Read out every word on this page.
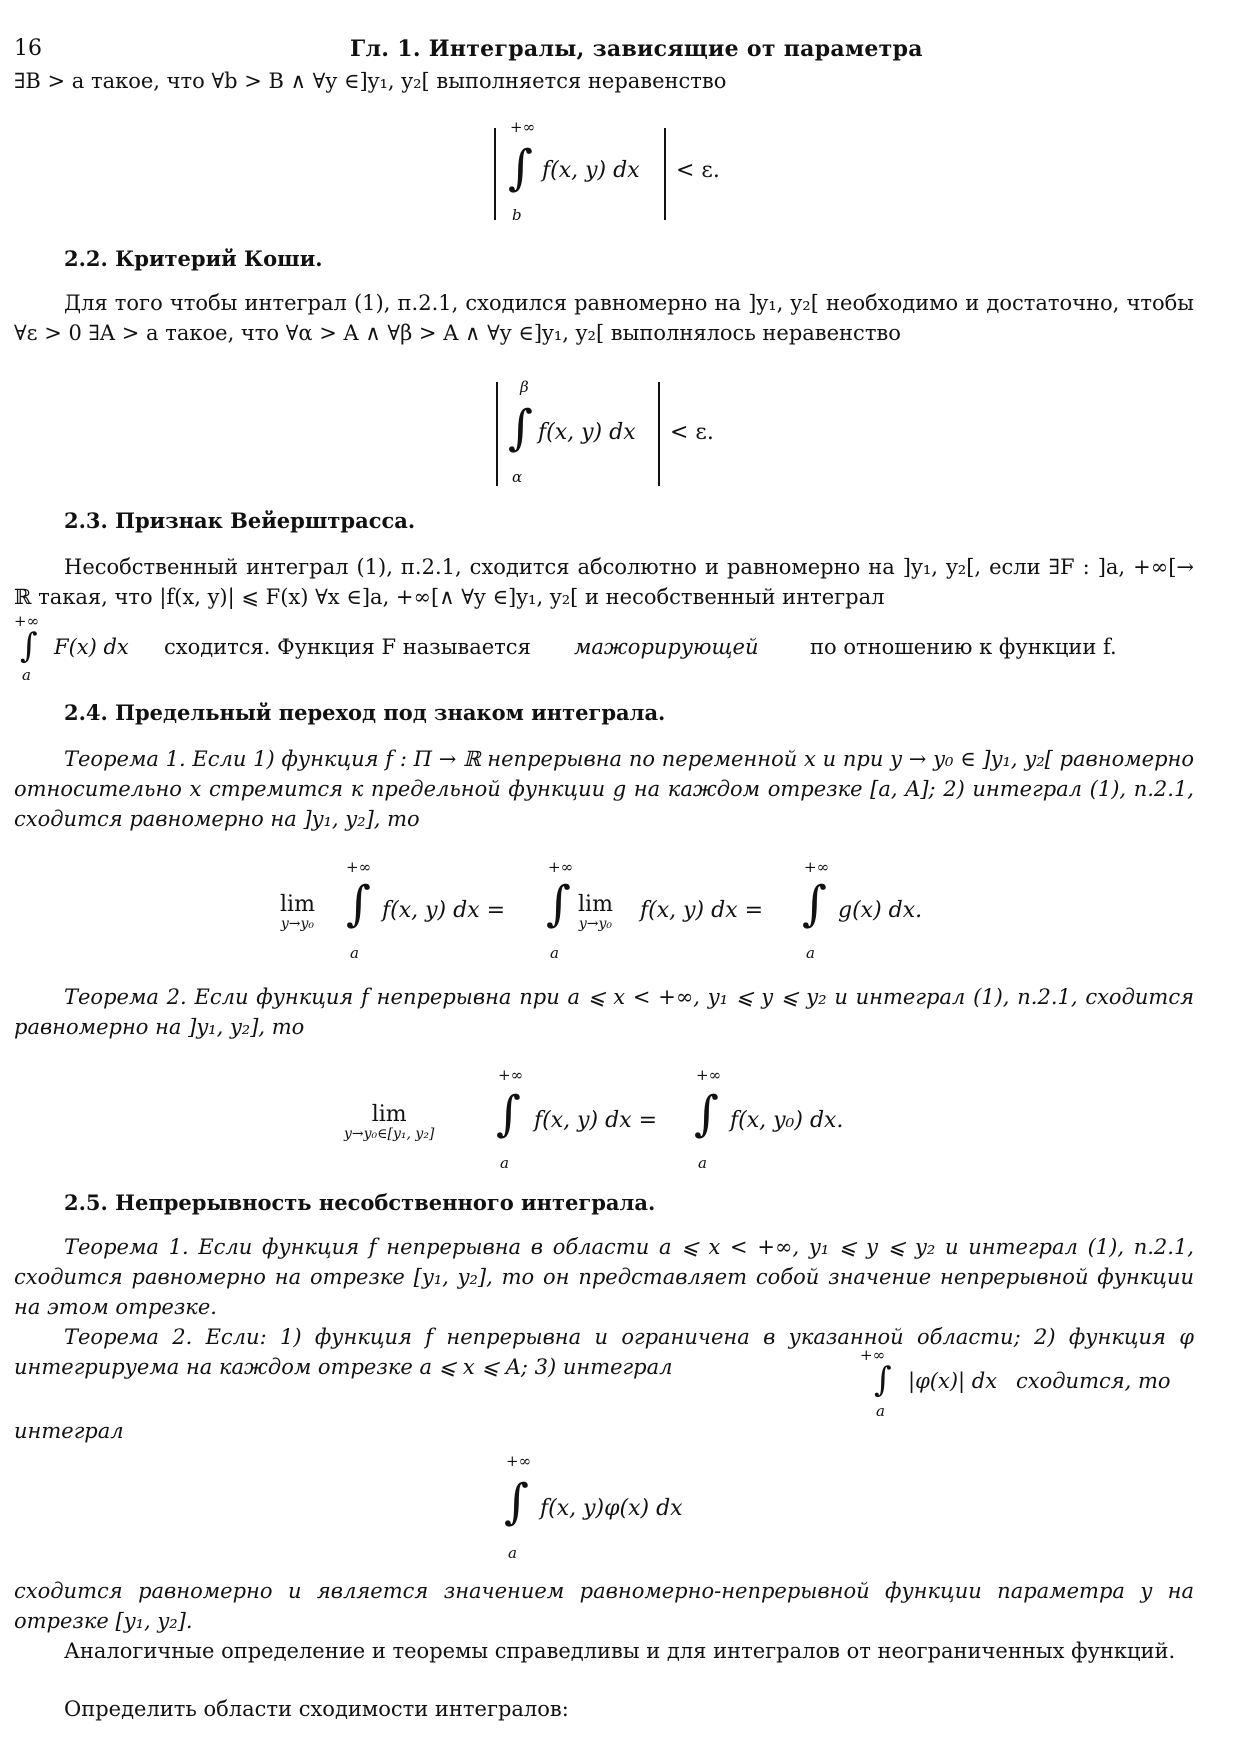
16	Гл. 1. Интегралы, зависящие от параметра
∃B > a такое, что ∀b > B ∧ ∀y ∈]y₁, y₂[ выполняется неравенство
+∞
∫
b
f(x, y) dx < ε.
2.2. Критерий Коши.
Для того чтобы интеграл (1), п.2.1, сходился равномерно на ]y₁, y₂[ необходимо и достаточно, чтобы ∀ε > 0 ∃A > a такое, что ∀α > A ∧ ∀β > A ∧ ∀y ∈]y₁, y₂[ выполнялось неравенство
β
∫
α
f(x, y) dx < ε.
2.3. Признак Вейерштрасса.
Несобственный интеграл (1), п.2.1, сходится абсолютно и равномерно на ]y₁, y₂[, если ∃F : ]a, +∞[→ ℝ такая, что |f(x, y)| ⩽ F(x) ∀x ∈]a, +∞[∧ ∀y ∈]y₁, y₂[ и несобственный интеграл
+∞
∫
a
F(x) dx сходится. Функция F называется мажорирующей по отношению к функции f.
2.4. Предельный переход под знаком интеграла.
Теорема 1. Если 1) функция f : Π → ℝ непрерывна по переменной x и при y → y₀ ∈ ]y₁, y₂[ равномерно относительно x стремится к предельной функции g на каждом отрезке [a, A]; 2) интеграл (1), п.2.1, сходится равномерно на ]y₁, y₂], то
lim
y→y₀
+∞
∫
a
f(x, y) dx =
+∞
∫
a
lim
y→y₀
f(x, y) dx =
+∞
∫
a
g(x) dx.
Теорема 2. Если функция f непрерывна при a ⩽ x < +∞, y₁ ⩽ y ⩽ y₂ и интеграл (1), п.2.1, сходится равномерно на ]y₁, y₂], то
lim
y→y₀∈[y₁, y₂]
+∞
∫
a
f(x, y) dx =
+∞
∫
a
f(x, y₀) dx.
2.5. Непрерывность несобственного интеграла.
Теорема 1. Если функция f непрерывна в области a ⩽ x < +∞, y₁ ⩽ y ⩽ y₂ и интеграл (1), п.2.1, сходится равномерно на отрезке [y₁, y₂], то он представляет собой значение непрерывной функции на этом отрезке.
Теорема 2. Если: 1) функция f непрерывна и ограничена в указанной области; 2) функция φ интегрируема на каждом отрезке a ⩽ x ⩽ A; 3) интеграл	+∞
∫
a
|φ(x)| dx сходится, то
интеграл
+∞
∫
a
f(x, y)φ(x) dx
сходится равномерно и является значением равномерно-непрерывной функции параметра y на отрезке [y₁, y₂].
Аналогичные определение и теоремы справедливы и для интегралов от неограниченных функций.
Определить области сходимости интегралов:
